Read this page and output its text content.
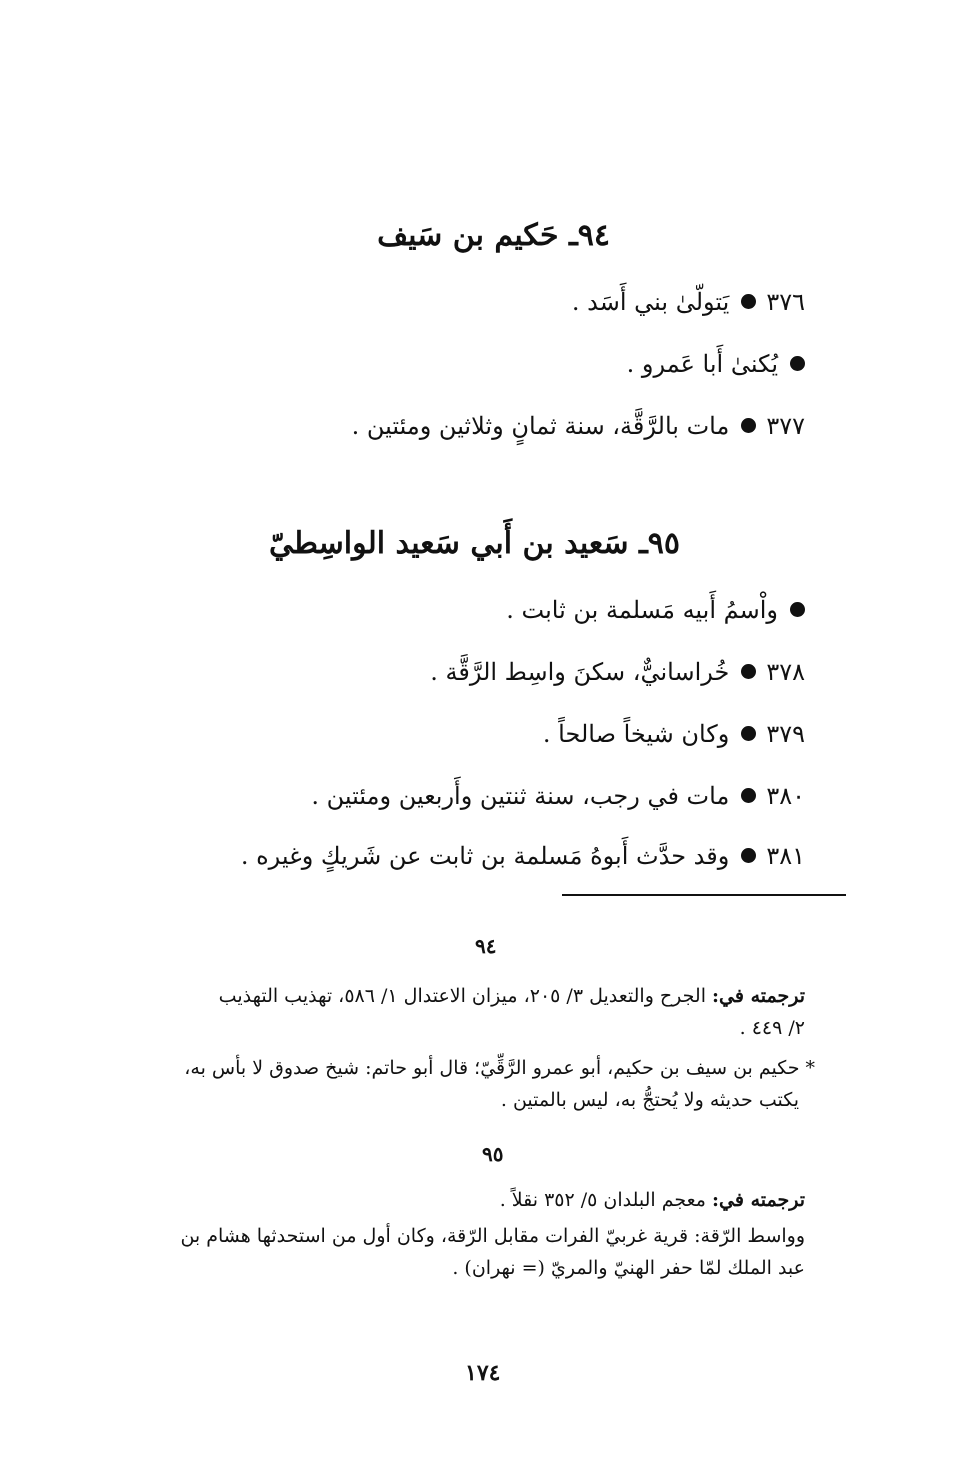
٩٤ـ حَكيم بن سَيف
٣٧٦يَتولّىٰ بني أَسَد .
يُكنىٰ أَبا عَمرو .
٣٧٧مات بالرَّقَّة، سنة ثمانٍ وثلاثين ومئتين .
٩٥ـ سَعيد بن أَبي سَعيد الواسِطيّ
واْسمُ أَبيه مَسلمة بن ثابت .
٣٧٨خُراسانيٌّ، سكنَ واسِط الرَّقَّة .
٣٧٩وكان شيخاً صالحاً .
٣٨٠مات في رجب، سنة ثنتين وأَربعين ومئتين .
٣٨١وقد حدَّث أَبوهُ مَسلمة بن ثابت عن شَريكٍ وغيره .
٩٤
ترجمته في: الجرح والتعديل ٣/ ٢٠٥، ميزان الاعتدال ١/ ٥٨٦، تهذيب التهذيب
٢/ ٤٤٩ .
*حكيم بن سيف بن حكيم، أبو عمرو الرَّقِّيّ؛ قال أبو حاتم: شيخ صدوق لا بأس به،
يكتب حديثه ولا يُحتجُّ به، ليس بالمتين .
٩٥
ترجمته في: معجم البلدان ٥/ ٣٥٢ نقلاً .
وواسط الرّقة: قرية غربيّ الفرات مقابل الرّقة، وكان أول من استحدثها هشام بن
عبد الملك لمّا حفر الهنيّ والمريّ (= نهران) .
١٧٤
